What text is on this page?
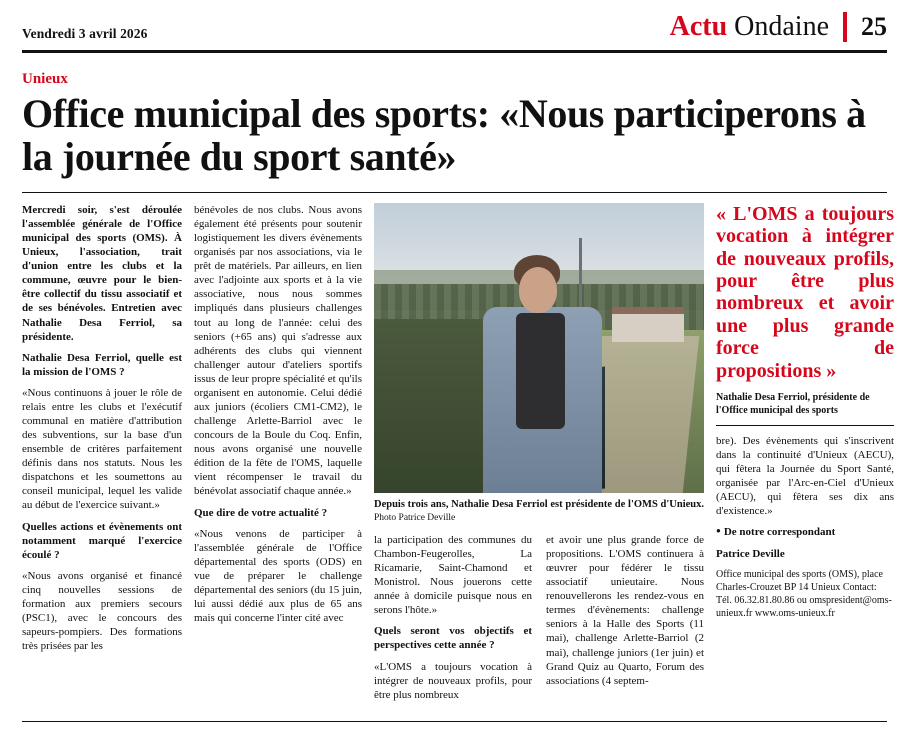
Vendredi 3 avril 2026	Actu Ondaine 25
Unieux
Office municipal des sports: «Nous participerons à la journée du sport santé»

Mercredi soir, s'est déroulée l'assemblée générale de l'Office municipal des sports (OMS). À Unieux, l'association, trait d'union entre les clubs et la commune, œuvre pour le bien-être collectif du tissu associatif et de ses bénévoles. Entretien avec Nathalie Desa Ferriol, sa présidente.

Nathalie Desa Ferriol, quelle est la mission de l'OMS ?

«Nous continuons à jouer le rôle de relais entre les clubs et l'exécutif communal en matière d'attribution des subventions, sur la base d'un ensemble de critères parfaitement définis dans nos statuts. Nous les dispatchons et les soumettons au conseil municipal, lequel les valide au début de l'exercice suivant.»

Quelles actions et évènements ont notamment marqué l'exercice écoulé ?

«Nous avons organisé et financé cinq nouvelles sessions de formation aux premiers secours (PSC1), avec le concours des sapeurs-pompiers. Des formations très prisées par les

bénévoles de nos clubs. Nous avons également été présents pour soutenir logistiquement les divers évènements organisés par nos associations, via le prêt de matériels. Par ailleurs, en lien avec l'adjointe aux sports et à la vie associative, nous nous sommes impliqués dans plusieurs challenges tout au long de l'année: celui des seniors (+65 ans) qui s'adresse aux adhérents des clubs qui viennent challenger autour d'ateliers sportifs issus de leur propre spécialité et qu'ils organisent en autonomie. Celui dédié aux juniors (écoliers CM1-CM2), le challenge Arlette-Barriol avec le concours de la Boule du Coq. Enfin, nous avons organisé une nouvelle édition de la fête de l'OMS, laquelle vient récompenser le travail du bénévolat associatif chaque année.»

Que dire de votre actualité ?

«Nous venons de participer à l'assemblée générale de l'Office départemental des sports (ODS) en vue de préparer le challenge départemental des seniors (du 15 juin, lui aussi dédié aux plus de 65 ans mais qui concerne l'inter cité avec

Depuis trois ans, Nathalie Desa Ferriol est présidente de l'OMS d'Unieux. Photo Patrice Deville

la participation des communes du Chambon-Feugerolles, La Ricamarie, Saint-Chamond et Monistrol. Nous jouerons cette année à domicile puisque nous en serons l'hôte.»

Quels seront vos objectifs et perspectives cette année ?

«L'OMS a toujours vocation à intégrer de nouveaux profils, pour être plus nombreux

et avoir une plus grande force de propositions. L'OMS continuera à œuvrer pour fédérer le tissu associatif unieutaire. Nous renouvellerons les rendez-vous en termes d'évènements: challenge seniors à la Halle des Sports (11 mai), challenge Arlette-Barriol (2 mai), challenge juniors (1er juin) et Grand Quiz au Quarto, Forum des associations (4 septem-

« L'OMS a toujours vocation à intégrer de nouveaux profils, pour être plus nombreux et avoir une plus grande force de propositions »
Nathalie Desa Ferriol, présidente de l'Office municipal des sports

bre). Des évènements qui s'inscrivent dans la continuité d'Unieux (AECU), qui fêtera la Journée du Sport Santé, organisée par l'Arc-en-Ciel d'Unieux (AECU), qui fêtera ses dix ans d'existence.»

● De notre correspondant

Patrice Deville

Office municipal des sports (OMS), place Charles-Crouzet BP 14 Unieux Contact: Tél. 06.32.81.80.86 ou omspresident@oms-unieux.fr www.oms-unieux.fr
